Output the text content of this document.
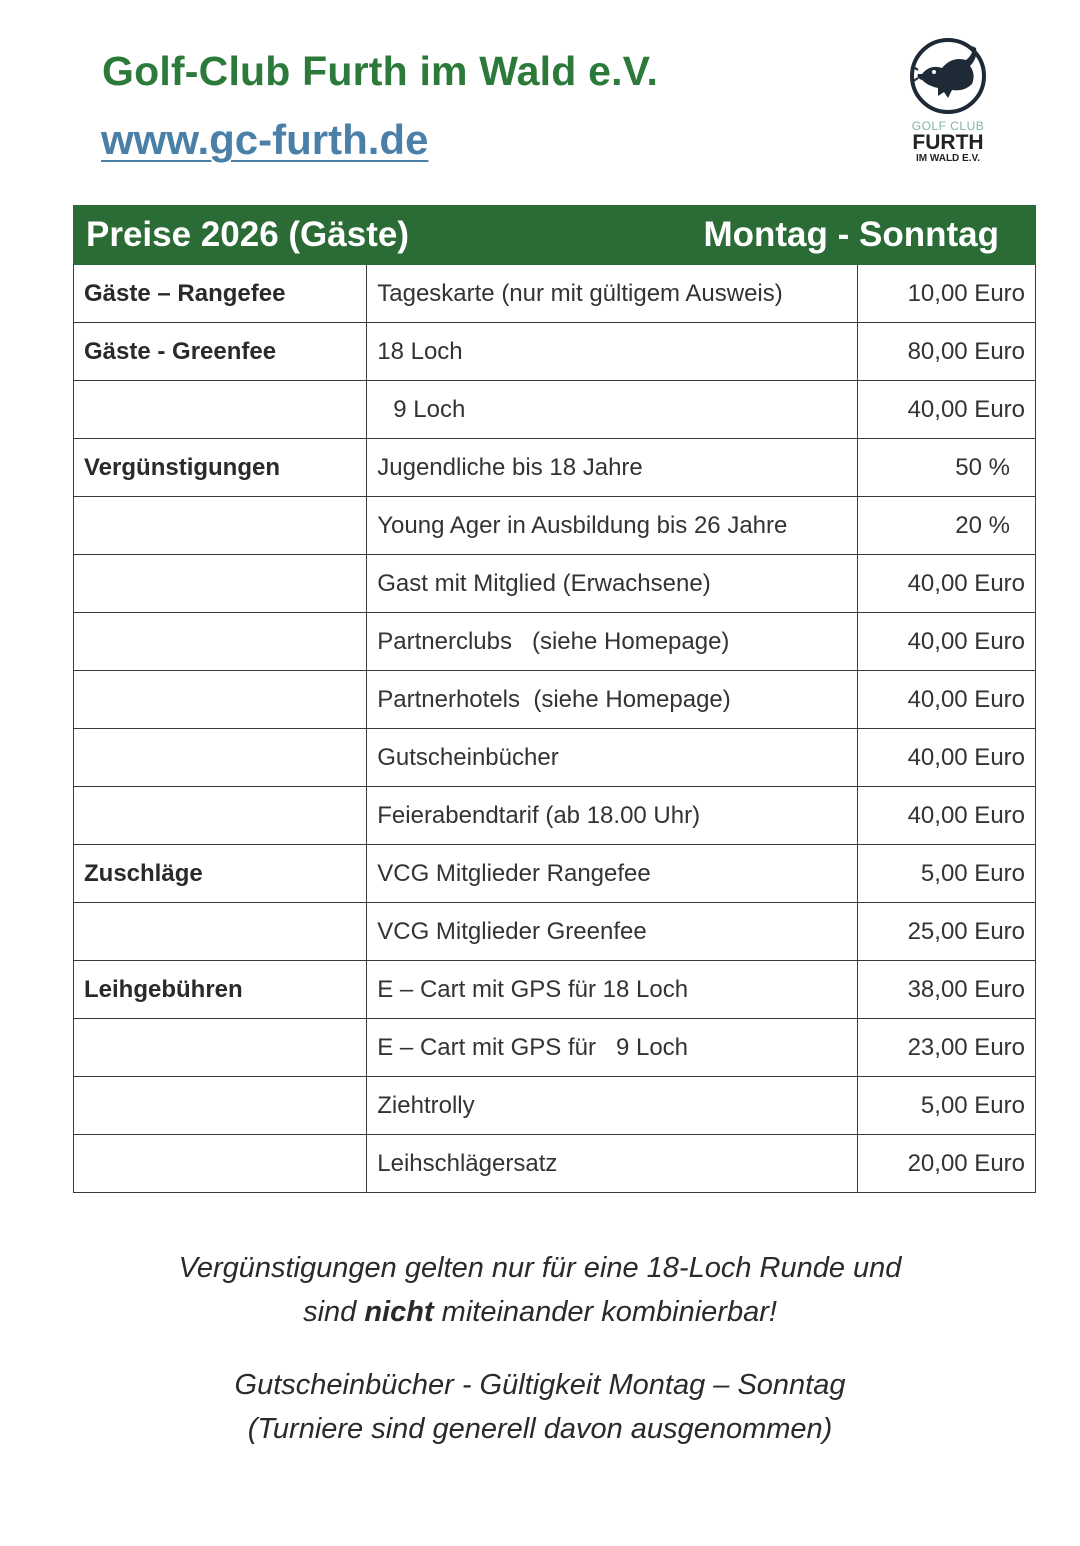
Golf-Club Furth im Wald e.V.
www.gc-furth.de	GOLF CLUB
FURTH
IM WALD E.V.
Preise 2026 (Gäste) Montag - Sonntag		

Gäste – Rangefee	Tageskarte (nur mit gültigem Ausweis)	10,00 Euro
Gäste - Greenfee	18 Loch	80,00 Euro
	9 Loch	40,00 Euro
Vergünstigungen	Jugendliche bis 18 Jahre	50 %
	Young Ager in Ausbildung bis 26 Jahre	20 %
	Gast mit Mitglied (Erwachsene)	40,00 Euro
	Partnerclubs   (siehe Homepage)	40,00 Euro
	Partnerhotels  (siehe Homepage)	40,00 Euro
	Gutscheinbücher	40,00 Euro
	Feierabendtarif (ab 18.00 Uhr)	40,00 Euro
Zuschläge	VCG Mitglieder Rangefee	5,00 Euro
	VCG Mitglieder Greenfee	25,00 Euro
Leihgebühren	E – Cart mit GPS für 18 Loch	38,00 Euro
	E – Cart mit GPS für   9 Loch	23,00 Euro
	Ziehtrolly	5,00 Euro
	Leihschlägersatz	20,00 Euro
Vergünstigungen gelten nur für eine 18-Loch Runde und
sind nicht miteinander kombinierbar!
Gutscheinbücher - Gültigkeit Montag – Sonntag
(Turniere sind generell davon ausgenommen)
